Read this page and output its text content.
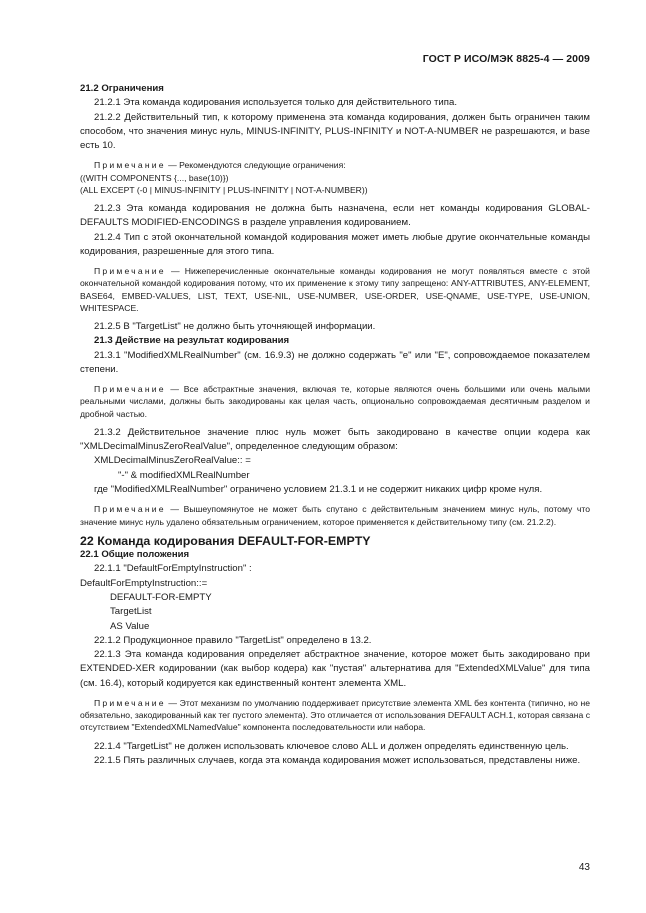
ГОСТ Р ИСО/МЭК 8825-4 — 2009

21.2 Ограничения

21.2.1 Эта команда кодирования используется только для действительного типа.

21.2.2 Действительный тип, к которому применена эта команда кодирования, должен быть ограничен таким способом, что значения минус нуль, MINUS-INFINITY, PLUS-INFINITY и NOT-A-NUMBER не разрешаются, и base есть 10.

Примечание — Рекомендуются следующие ограничения:

((WITH COMPONENTS {..., base(10)})

(ALL EXCEPT (-0 | MINUS-INFINITY | PLUS-INFINITY | NOT-A-NUMBER))

21.2.3 Эта команда кодирования не должна быть назначена, если нет команды кодирования GLOBAL-DEFAULTS MODIFIED-ENCODINGS в разделе управления кодированием.

21.2.4 Тип с этой окончательной командой кодирования может иметь любые другие окончательные команды кодирования, разрешенные для этого типа.

Примечание — Нижеперечисленные окончательные команды кодирования не могут появляться вместе с этой окончательной командой кодирования потому, что их применение к этому типу запрещено: ANY-ATTRIBUTES, ANY-ELEMENT, BASE64, EMBED-VALUES, LIST, TEXT, USE-NIL, USE-NUMBER, USE-ORDER, USE-QNAME, USE-TYPE, USE-UNION, WHITESPACE.

21.2.5 В "TargetList" не должно быть уточняющей информации.

21.3 Действие на результат кодирования

21.3.1 "ModifiedXMLRealNumber" (см. 16.9.3) не должно содержать "e" или "E", сопровождаемое показателем степени.

Примечание — Все абстрактные значения, включая те, которые являются очень большими или очень малыми реальными числами, должны быть закодированы как целая часть, опционально сопровождаемая десятичным разделом и дробной частью.

21.3.2 Действительное значение плюс нуль может быть закодировано в качестве опции кодера как "XMLDecimalMinusZeroRealValue", определенное следующим образом:

XMLDecimalMinusZeroRealValue:: =

"-" & modifiedXMLRealNumber

где "ModifiedXMLRealNumber" ограничено условием 21.3.1 и не содержит никаких цифр кроме нуля.

Примечание — Вышеупомянутое не может быть спутано с действительным значением минус нуль, потому что значение минус нуль удалено обязательным ограничением, которое применяется к действительному типу (см. 21.2.2).

22 Команда кодирования DEFAULT-FOR-EMPTY

22.1 Общие положения

22.1.1 "DefaultForEmptyInstruction" :

DefaultForEmptyInstruction::=

DEFAULT-FOR-EMPTY

TargetList

AS Value

22.1.2 Продукционное правило "TargetList" определено в 13.2.

22.1.3 Эта команда кодирования определяет абстрактное значение, которое может быть закодировано при EXTENDED-XER кодировании (как выбор кодера) как "пустая" альтернатива для "ExtendedXMLValue" для типа (см. 16.4), который кодируется как единственный контент элемента XML.

Примечание — Этот механизм по умолчанию поддерживает присутствие элемента XML без контента (типично, но не обязательно, закодированный как тег пустого элемента). Это отличается от использования DEFAULT ACH.1, которая связана с отсутствием "ExtendedXMLNamedValue" компонента последовательности или набора.

22.1.4 "TargetList" не должен использовать ключевое слово ALL и должен определять единственную цель.

22.1.5 Пять различных случаев, когда эта команда кодирования может использоваться, представлены ниже.

43
